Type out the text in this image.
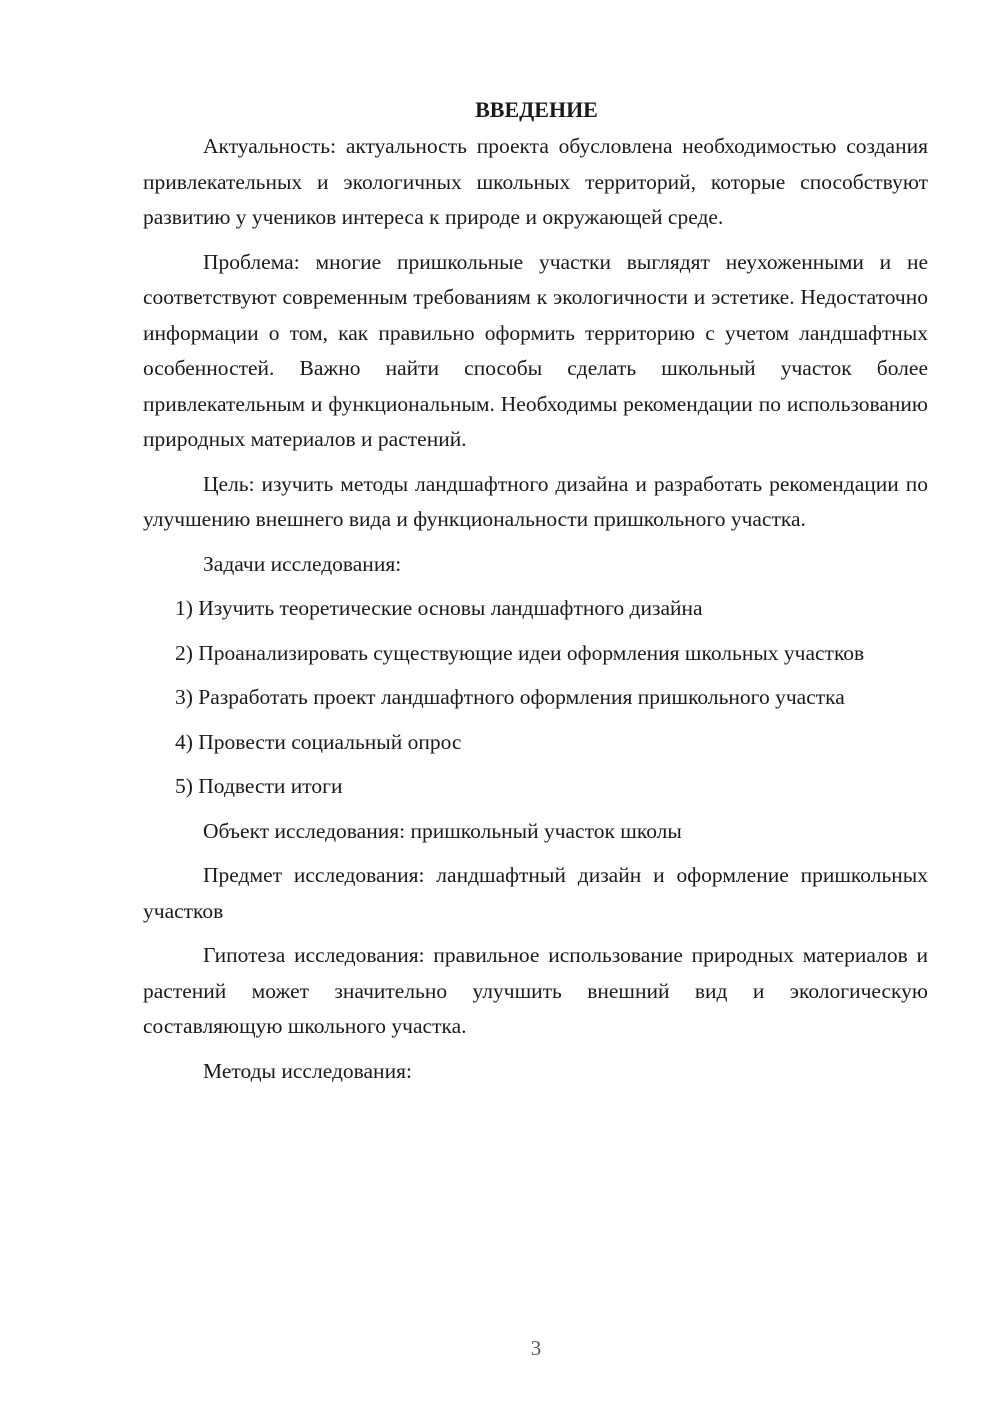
ВВЕДЕНИЕ

Актуальность: актуальность проекта обусловлена необходимостью создания привлекательных и экологичных школьных территорий, которые способствуют развитию у учеников интереса к природе и окружающей среде.

Проблема: многие пришкольные участки выглядят неухоженными и не соответствуют современным требованиям к экологичности и эстетике. Недостаточно информации о том, как правильно оформить территорию с учетом ландшафтных особенностей. Важно найти способы сделать школьный участок более привлекательным и функциональным. Необходимы рекомендации по использованию природных материалов и растений.

Цель: изучить методы ландшафтного дизайна и разработать рекомендации по улучшению внешнего вида и функциональности пришкольного участка.

Задачи исследования:

1) Изучить теоретические основы ландшафтного дизайна

2) Проанализировать существующие идеи оформления школьных участков

3) Разработать проект ландшафтного оформления пришкольного участка

4) Провести социальный опрос

5) Подвести итоги

Объект исследования: пришкольный участок школы

Предмет исследования: ландшафтный дизайн и оформление пришкольных участков

Гипотеза исследования: правильное использование природных материалов и растений может значительно улучшить внешний вид и экологическую составляющую школьного участка.

Методы исследования:

3
